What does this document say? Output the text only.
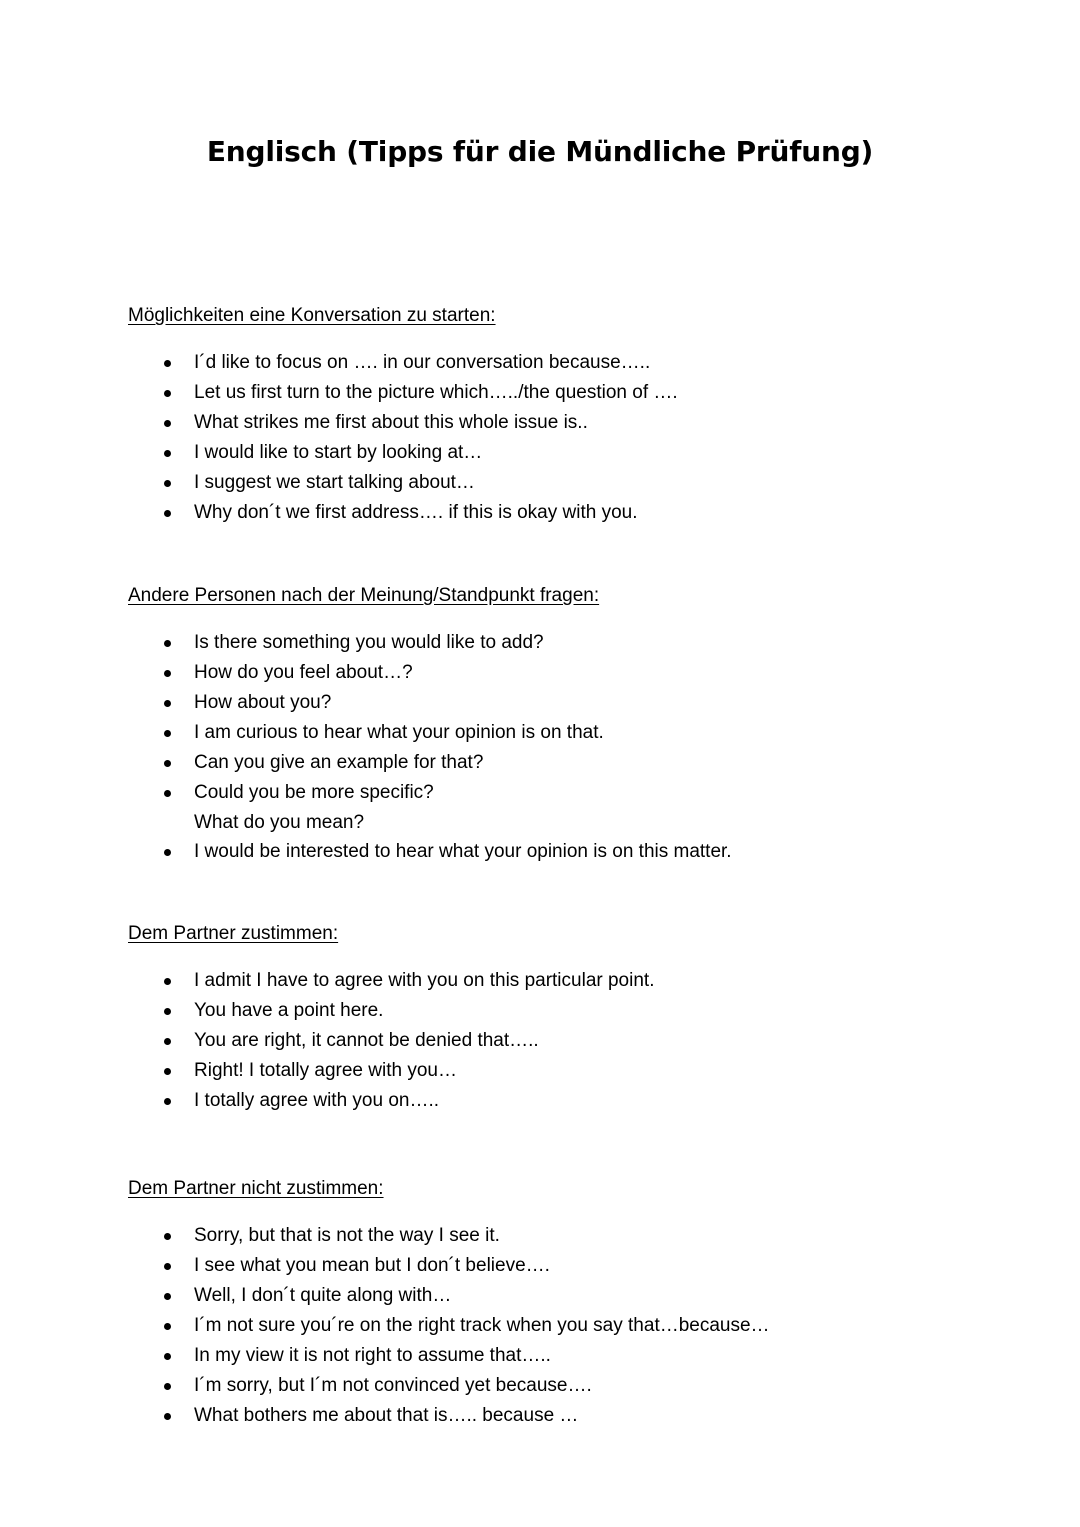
Englisch (Tipps für die Mündliche Prüfung)
Möglichkeiten eine Konversation zu starten:
I´d like to focus on …. in our conversation because…..
Let us first turn to the picture which…../the question of ….
What strikes me first about this whole issue is..
I would like to start by looking at…
I suggest we start talking about…
Why don´t we first address…. if this is okay with you.
Andere Personen nach der Meinung/Standpunkt fragen:
Is there something you would like to add?
How do you feel about…?
How about you?
I am curious to hear what your opinion is on that.
Can you give an example for that?
Could you be more specific?
What do you mean?
I would be interested to hear what your opinion is on this matter.
Dem Partner zustimmen:
I admit I have to agree with you on this particular point.
You have a point here.
You are right, it cannot be denied that…..
Right! I totally agree with you…
I totally agree with you on…..
Dem Partner nicht zustimmen:
Sorry, but that is not the way I see it.
I see what you mean but I don´t believe….
Well, I don´t quite along with…
I´m not sure you´re on the right track when you say that…because…
In my view it is not right to assume that…..
I´m sorry, but I´m not convinced yet because….
What bothers me about that is….. because …
